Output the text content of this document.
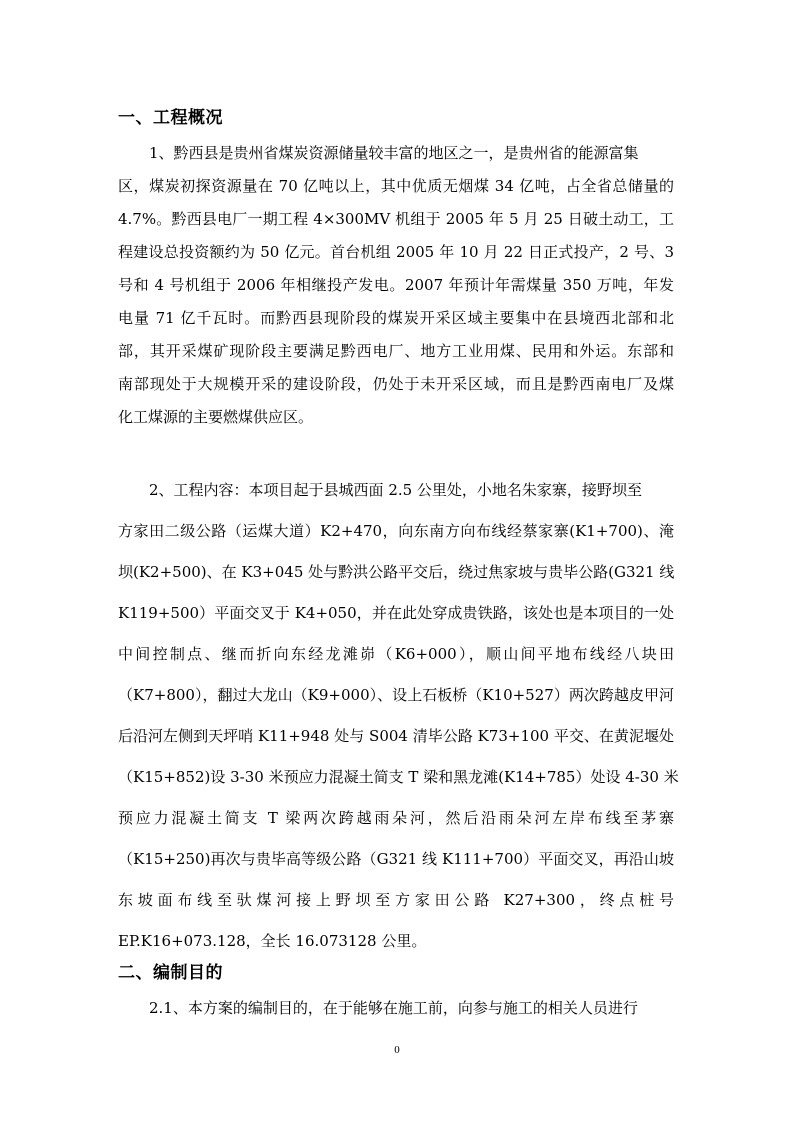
一、工程概况
1、黔西县是贵州省煤炭资源储量较丰富的地区之一，是贵州省的能源富集
区，煤炭初探资源量在 70 亿吨以上，其中优质无烟煤 34 亿吨，占全省总储量的
4.7%。黔西县电厂一期工程 4×300MV 机组于 2005 年 5 月 25 日破土动工，工
程建设总投资额约为 50 亿元。首台机组 2005 年 10 月 22 日正式投产，2 号、3
号和 4 号机组于 2006 年相继投产发电。2007 年预计年需煤量 350 万吨，年发
电量 71 亿千瓦时。而黔西县现阶段的煤炭开采区域主要集中在县境西北部和北
部，其开采煤矿现阶段主要满足黔西电厂、地方工业用煤、民用和外运。东部和
南部现处于大规模开采的建设阶段，仍处于未开采区域，而且是黔西南电厂及煤
化工煤源的主要燃煤供应区。
2、工程内容：本项目起于县城西面 2.5 公里处，小地名朱家寨，接野坝至
方家田二级公路（运煤大道）K2+470，向东南方向布线经蔡家寨(K1+700)、淹
坝(K2+500)、在 K3+045 处与黔洪公路平交后，绕过焦家坡与贵毕公路(G321 线
K119+500）平面交叉于 K4+050，并在此处穿成贵铁路，该处也是本项目的一处
中间控制点、继而折向东经龙滩峁（K6+000），顺山间平地布线经八块田
（K7+800），翻过大龙山（K9+000）、设上石板桥（K10+527）两次跨越皮甲河
后沿河左侧到天坪哨 K11+948 处与 S004 清毕公路 K73+100 平交、在黄泥堰处
（K15+852)设 3-30 米预应力混凝土简支 T 梁和黑龙滩(K14+785）处设 4-30 米
预应力混凝土简支 T 梁两次跨越雨朵河，然后沿雨朵河左岸布线至茅寨
（K15+250)再次与贵毕高等级公路（G321 线 K111+700）平面交叉，再沿山坡
东坡面布线至驮煤河接上野坝至方家田公路 K27+300，终点桩号
EP.K16+073.128，全长 16.073128 公里。
二、编制目的
2.1、本方案的编制目的，在于能够在施工前，向参与施工的相关人员进行
0
